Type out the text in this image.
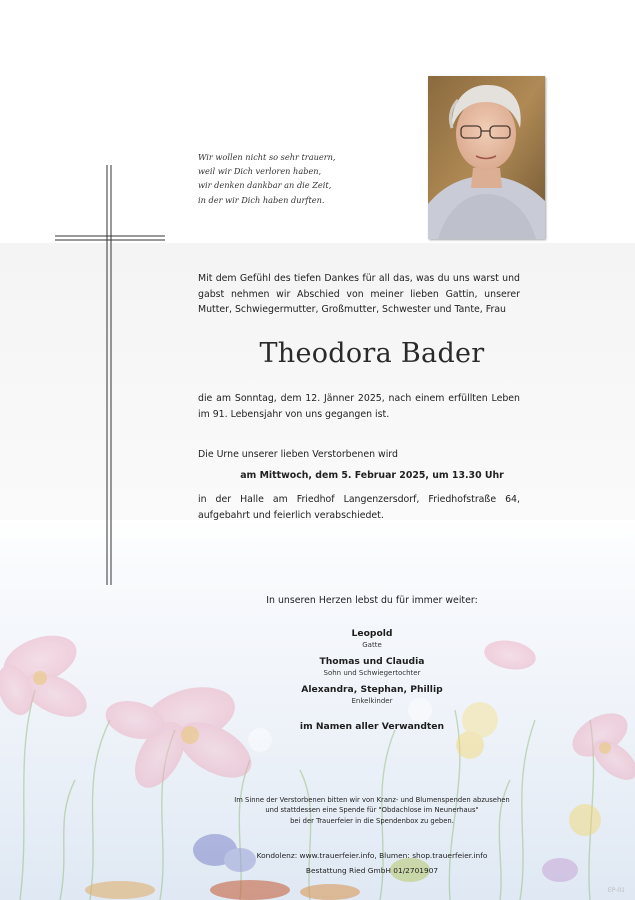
Wir wollen nicht so sehr trauern,
weil wir Dich verloren haben,
wir denken dankbar an die Zeit,
in der wir Dich haben durften.
Mit dem Gefühl des tiefen Dankes für all das, was du uns warst und gabst nehmen wir Abschied von meiner lieben Gattin, unserer Mutter, Schwiegermutter, Großmutter, Schwester und Tante, Frau
Theodora Bader
die am Sonntag, dem 12. Jänner 2025, nach einem erfüllten Leben im 91. Lebensjahr von uns gegangen ist.
Die Urne unserer lieben Verstorbenen wird
am Mittwoch, dem 5. Februar 2025, um 13.30 Uhr
in der Halle am Friedhof Langenzersdorf, Friedhofstraße 64, aufgebahrt und feierlich verabschiedet.
In unseren Herzen lebst du für immer weiter:
Leopold
Gatte
Thomas und Claudia
Sohn und Schwiegertochter
Alexandra, Stephan, Phillip
Enkelkinder
im Namen aller Verwandten
Im Sinne der Verstorbenen bitten wir von Kranz- und Blumenspenden abzusehen
und stattdessen eine Spende für "Obdachlose im Neunerhaus"
bei der Trauerfeier in die Spendenbox zu geben.
Kondolenz: www.trauerfeier.info, Blumen: shop.trauerfeier.info
Bestattung Ried GmbH 01/2701907
EP-01
